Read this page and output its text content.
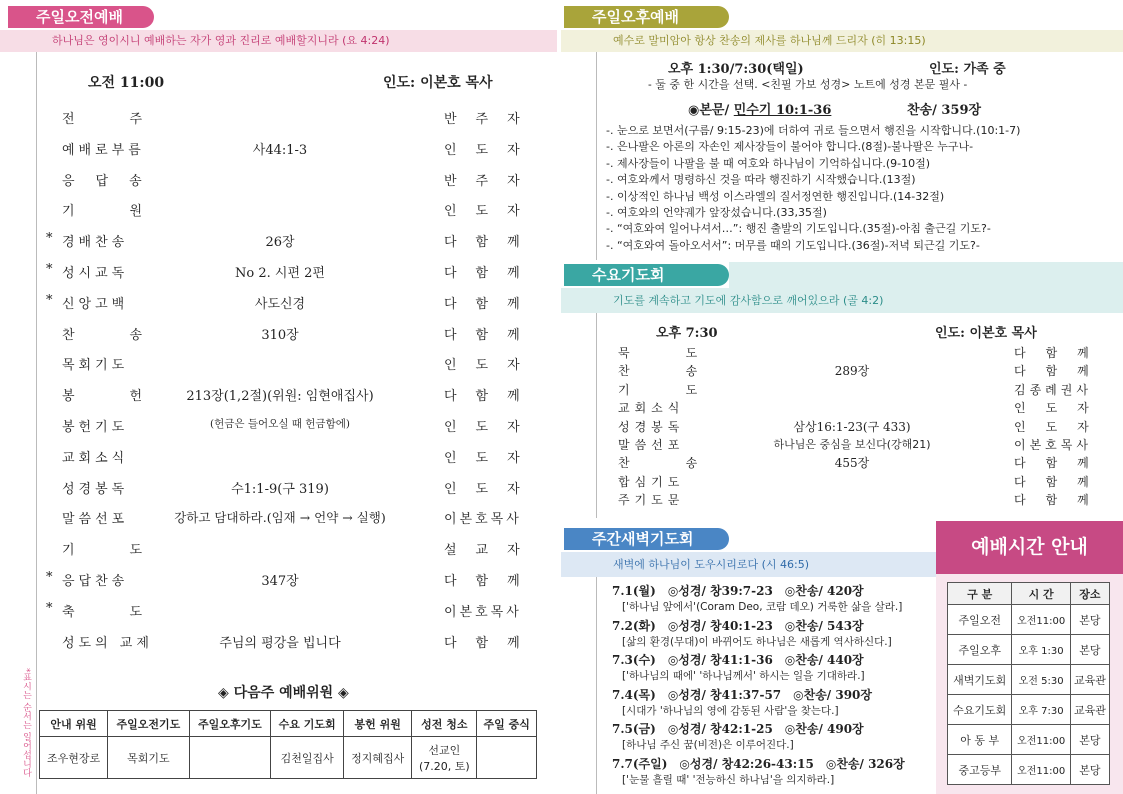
주일오전예배
하나님은 영이시니 예배하는 자가 영과 진리로 예배할지니라 (요 4:24)
오전 11:00	인도: 이본호 목사
전　　　주	반　주　자
예배로부름	사44:1-3	인　도　자
응　답　송	반　주　자
기　　　원	인　도　자
* 경배찬송	26장	다　함　께
* 성시교독	No 2. 시편 2편	다　함　께
* 신앙고백	사도신경	다　함　께
찬　　　송	310장	다　함　께
목회기도	인　도　자
봉　　　헌	213장(1,2절)(위원: 임현애집사)	다　함　께
봉헌기도	(헌금은 들어오실 때 헌금함에)	인　도　자
교회소식	인　도　자
성경봉독	수1:1-9(구 319)	인　도　자
말씀선포	강하고 담대하라.(임재 → 언약 → 실행)	이본호목사
기　　　도	설　교　자
* 응답찬송	347장	다　함　께
* 축　　　도	이본호목사
성도의 교제	주님의 평강을 빕니다	다　함　께
*표시는 순서는 일어섭니다	◈ 다음주 예배위원 ◈
안내 위원	주일오전기도	주일오후기도	수요 기도회	봉헌 위원	성전 청소	주일 중식
조우현장로	목회기도		김천일집사	정지혜집사	선교인
(7.20, 토)	
주일오후예배
예수로 말미암아 항상 찬송의 제사를 하나님께 드리자 (히 13:15)
오후 1:30/7:30(택일)	인도: 가족 중
- 둘 중 한 시간을 선택. <친필 가보 성경> 노트에 성경 본문 필사 -
◉본문/ 민수기 10:1-36	찬송/ 359장
-. 눈으로 보면서(구름/ 9:15-23)에 더하여 귀로 들으면서 행진을 시작합니다.(10:1-7)
-. 은나팔은 아론의 자손인 제사장들이 불어야 합니다.(8절)-불나팔은 누구나-
-. 제사장들이 나팔을 불 때 여호와 하나님이 기억하십니다.(9-10절)
-. 여호와께서 명령하신 것을 따라 행진하기 시작했습니다.(13절)
-. 이상적인 하나님 백성 이스라엘의 질서정연한 행진입니다.(14-32절)
-. 여호와의 언약궤가 앞장섰습니다.(33,35절)
-. “여호와여 일어나셔서…”: 행진 출발의 기도입니다.(35절)-아침 출근길 기도?-
-. “여호와여 돌아오서서”: 머무를 때의 기도입니다.(36절)-저녁 퇴근길 기도?-
수요기도회
기도를 계속하고 기도에 감사함으로 깨어있으라 (골 4:2)
오후 7:30	인도: 이본호 목사
묵　　　도	다　함　께
찬　　　송	289장	다　함　께
기　　　도	김종례권사
교회소식	인　도　자
성경봉독	삼상16:1-23(구 433)	인　도　자
말씀선포	하나님은 중심을 보신다(강해21)	이본호목사
찬　　　송	455장	다　함　께
합심기도	다　함　께
주기도문	다　함　께
주간새벽기도회
새벽에 하나님이 도우시리로다 (시 46:5)
7.1(월)　◎성경/ 창39:7-23　◎찬송/ 420장
['하나님 앞에서'(Coram Deo, 코람 데오) 거룩한 삶을 살라.]
7.2(화)　◎성경/ 창40:1-23　◎찬송/ 543장
[삶의 환경(무대)이 바뀌어도 하나님은 새롭게 역사하신다.]
7.3(수)　◎성경/ 창41:1-36　◎찬송/ 440장
['하나님의 때에' '하나님께서' 하시는 일을 기대하라.]
7.4(목)　◎성경/ 창41:37-57　◎찬송/ 390장
[시대가 '하나님의 영에 감동된 사람'을 찾는다.]
7.5(금)　◎성경/ 창42:1-25　◎찬송/ 490장
[하나님 주신 꿈(비전)은 이루어진다.]
7.7(주일)　◎성경/ 창42:26-43:15　◎찬송/ 326장
['눈물 흘릴 때' '전능하신 하나님'을 의지하라.]
예배시간 안내
구 분	시 간	장소
주일오전	오전11:00	본당
주일오후	오후 1:30	본당
새벽기도회	오전 5:30	교육관
수요기도회	오후 7:30	교육관
아 동 부	오전11:00	본당
중고등부	오전11:00	본당
